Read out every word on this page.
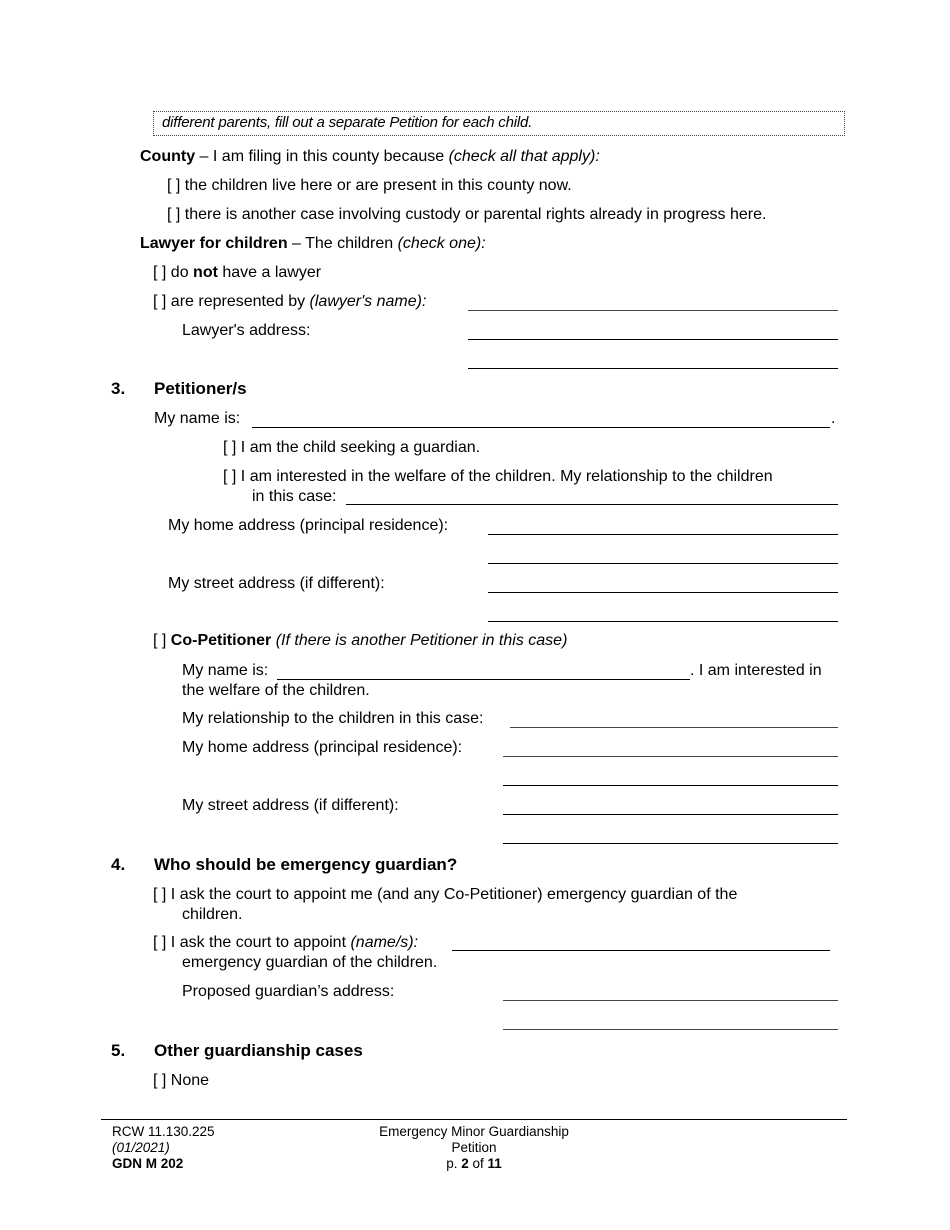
different parents, fill out a separate Petition for each child.
County – I am filing in this county because (check all that apply):
[ ] the children live here or are present in this county now.
[ ] there is another case involving custody or parental rights already in progress here.
Lawyer for children – The children (check one):
[ ] do not have a lawyer
[ ] are represented by (lawyer's name):
Lawyer's address:
3. Petitioner/s
My name is:	.
[ ] I am the child seeking a guardian.
[ ] I am interested in the welfare of the children. My relationship to the children
in this case:
My home address (principal residence):
My street address (if different):
[ ] Co-Petitioner (If there is another Petitioner in this case)
My name is:	. I am interested in
the welfare of the children.
My relationship to the children in this case:
My home address (principal residence):
My street address (if different):
4. Who should be emergency guardian?
[ ] I ask the court to appoint me (and any Co-Petitioner) emergency guardian of the
children.
[ ] I ask the court to appoint (name/s):
emergency guardian of the children.
Proposed guardian’s address:
5. Other guardianship cases
[ ] None
RCW 11.130.225
(01/2021)
GDN M 202
Emergency Minor Guardianship
Petition
p. 2 of 11
